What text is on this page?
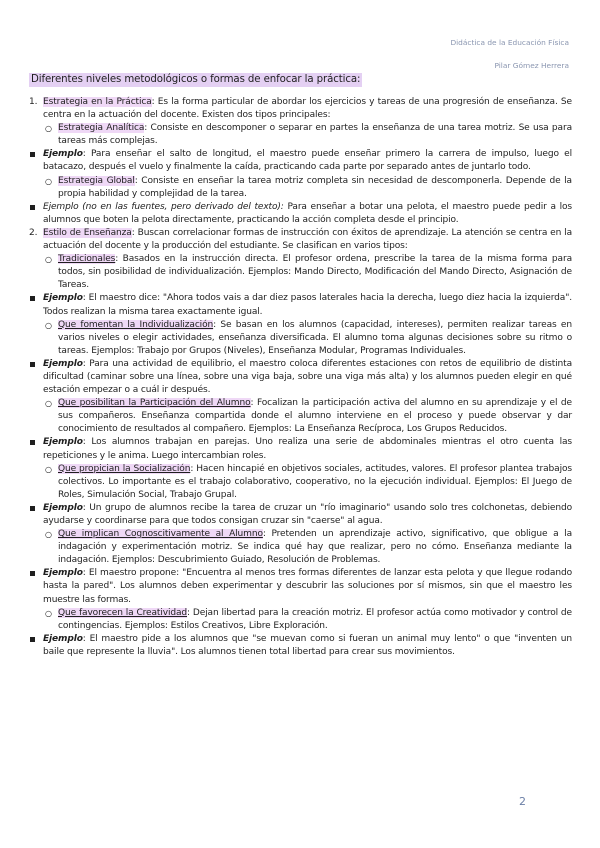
Didáctica de la Educación Física
Pilar Gómez Herrera
Diferentes niveles metodológicos o formas de enfocar la práctica:
1. Estrategia en la Práctica: Es la forma particular de abordar los ejercicios y tareas de una progresión de enseñanza. Se centra en la actuación del docente. Existen dos tipos principales:
○ Estrategia Analítica: Consiste en descomponer o separar en partes la enseñanza de una tarea motriz. Se usa para tareas más complejas.
Ejemplo: Para enseñar el salto de longitud, el maestro puede enseñar primero la carrera de impulso, luego el batacazo, después el vuelo y finalmente la caída, practicando cada parte por separado antes de juntarlo todo.
○ Estrategia Global: Consiste en enseñar la tarea motriz completa sin necesidad de descomponerla. Depende de la propia habilidad y complejidad de la tarea.
Ejemplo (no en las fuentes, pero derivado del texto): Para enseñar a botar una pelota, el maestro puede pedir a los alumnos que boten la pelota directamente, practicando la acción completa desde el principio.
2. Estilo de Enseñanza: Buscan correlacionar formas de instrucción con éxitos de aprendizaje. La atención se centra en la actuación del docente y la producción del estudiante. Se clasifican en varios tipos:
○ Tradicionales: Basados en la instrucción directa. El profesor ordena, prescribe la tarea de la misma forma para todos, sin posibilidad de individualización. Ejemplos: Mando Directo, Modificación del Mando Directo, Asignación de Tareas.
Ejemplo: El maestro dice: "Ahora todos vais a dar diez pasos laterales hacia la derecha, luego diez hacia la izquierda". Todos realizan la misma tarea exactamente igual.
○ Que fomentan la Individualización: Se basan en los alumnos (capacidad, intereses), permiten realizar tareas en varios niveles o elegir actividades, enseñanza diversificada. El alumno toma algunas decisiones sobre su ritmo o tareas. Ejemplos: Trabajo por Grupos (Niveles), Enseñanza Modular, Programas Individuales.
Ejemplo: Para una actividad de equilibrio, el maestro coloca diferentes estaciones con retos de equilibrio de distinta dificultad (caminar sobre una línea, sobre una viga baja, sobre una viga más alta) y los alumnos pueden elegir en qué estación empezar o a cuál ir después.
○ Que posibilitan la Participación del Alumno: Focalizan la participación activa del alumno en su aprendizaje y el de sus compañeros. Enseñanza compartida donde el alumno interviene en el proceso y puede observar y dar conocimiento de resultados al compañero. Ejemplos: La Enseñanza Recíproca, Los Grupos Reducidos.
Ejemplo: Los alumnos trabajan en parejas. Uno realiza una serie de abdominales mientras el otro cuenta las repeticiones y le anima. Luego intercambian roles.
○ Que propician la Socialización: Hacen hincapié en objetivos sociales, actitudes, valores. El profesor plantea trabajos colectivos. Lo importante es el trabajo colaborativo, cooperativo, no la ejecución individual. Ejemplos: El Juego de Roles, Simulación Social, Trabajo Grupal.
Ejemplo: Un grupo de alumnos recibe la tarea de cruzar un "río imaginario" usando solo tres colchonetas, debiendo ayudarse y coordinarse para que todos consigan cruzar sin "caerse" al agua.
○ Que implican Cognoscitivamente al Alumno: Pretenden un aprendizaje activo, significativo, que obligue a la indagación y experimentación motriz. Se indica qué hay que realizar, pero no cómo. Enseñanza mediante la indagación. Ejemplos: Descubrimiento Guiado, Resolución de Problemas.
Ejemplo: El maestro propone: "Encuentra al menos tres formas diferentes de lanzar esta pelota y que llegue rodando hasta la pared". Los alumnos deben experimentar y descubrir las soluciones por sí mismos, sin que el maestro les muestre las formas.
○ Que favorecen la Creatividad: Dejan libertad para la creación motriz. El profesor actúa como motivador y control de contingencias. Ejemplos: Estilos Creativos, Libre Exploración.
Ejemplo: El maestro pide a los alumnos que "se muevan como si fueran un animal muy lento" o que "inventen un baile que represente la lluvia". Los alumnos tienen total libertad para crear sus movimientos.
2
